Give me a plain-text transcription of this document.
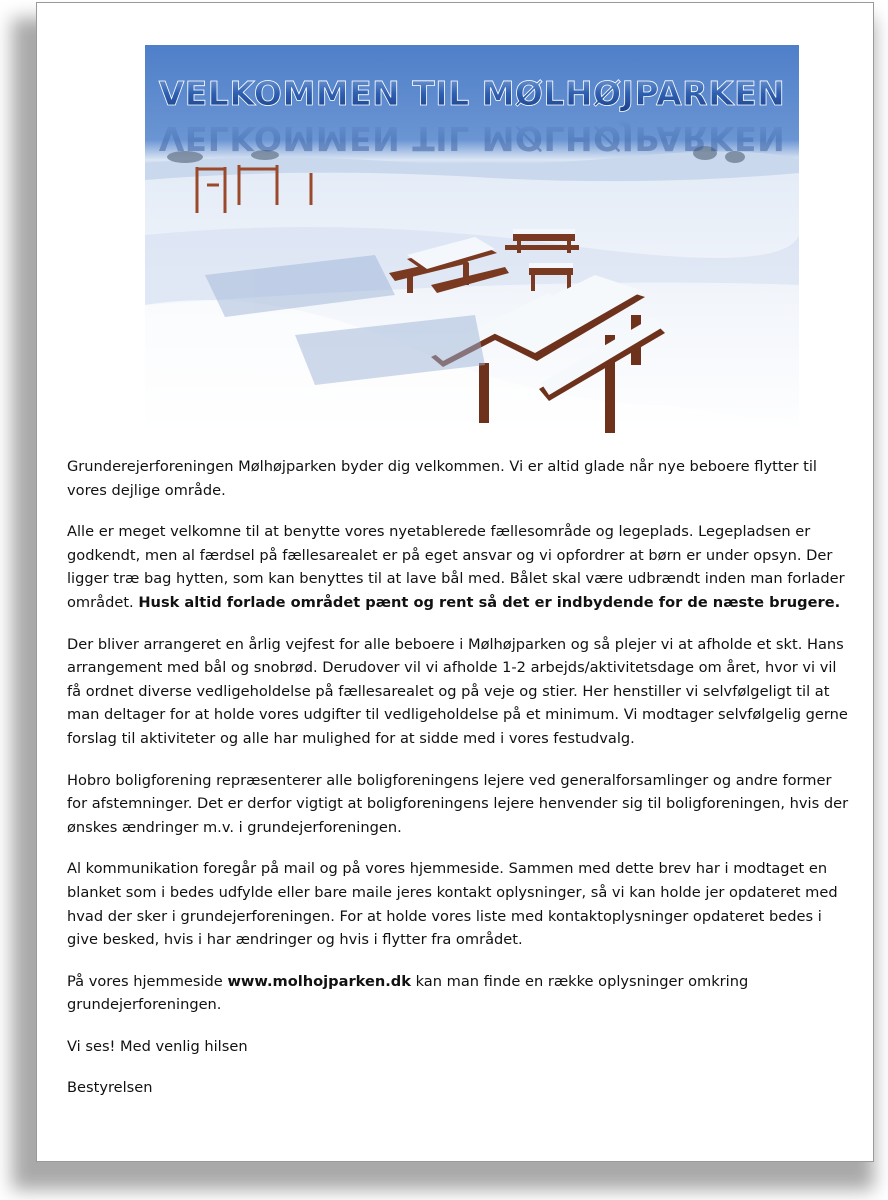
VELKOMMEN TIL MØLHØJPARKEN
VELKOMMEN TIL MØLHØJPARKEN

Grunderejerforeningen Mølhøjparken byder dig velkommen. Vi er altid glade når nye beboere flytter til vores dejlige område.

Alle er meget velkomne til at benytte vores nyetablerede fællesområde og legeplads. Legepladsen er godkendt, men al færdsel på fællesarealet er på eget ansvar og vi opfordrer at børn er under opsyn. Der ligger træ bag hytten, som kan benyttes til at lave bål med. Bålet skal være udbrændt inden man forlader området. Husk altid forlade området pænt og rent så det er indbydende for de næste brugere.

Der bliver arrangeret en årlig vejfest for alle beboere i Mølhøjparken og så plejer vi at afholde et skt. Hans arrangement med bål og snobrød. Derudover vil vi afholde 1-2 arbejds/aktivitetsdage om året, hvor vi vil få ordnet diverse vedligeholdelse på fællesarealet og på veje og stier. Her henstiller vi selvfølgeligt til at man deltager for at holde vores udgifter til vedligeholdelse på et minimum. Vi modtager selvfølgelig gerne forslag til aktiviteter og alle har mulighed for at sidde med i vores festudvalg.

Hobro boligforening repræsenterer alle boligforeningens lejere ved generalforsamlinger og andre former for afstemninger. Det er derfor vigtigt at boligforeningens lejere henvender sig til boligforeningen, hvis der ønskes ændringer m.v. i grundejerforeningen.

Al kommunikation foregår på mail og på vores hjemmeside. Sammen med dette brev har i modtaget en blanket som i bedes udfylde eller bare maile jeres kontakt oplysninger, så vi kan holde jer opdateret med hvad der sker i grundejerforeningen. For at holde vores liste med kontaktoplysninger opdateret bedes i give besked, hvis i har ændringer og hvis i flytter fra området.

På vores hjemmeside www.molhojparken.dk kan man finde en række oplysninger omkring grundejerforeningen.

Vi ses! Med venlig hilsen

Bestyrelsen
